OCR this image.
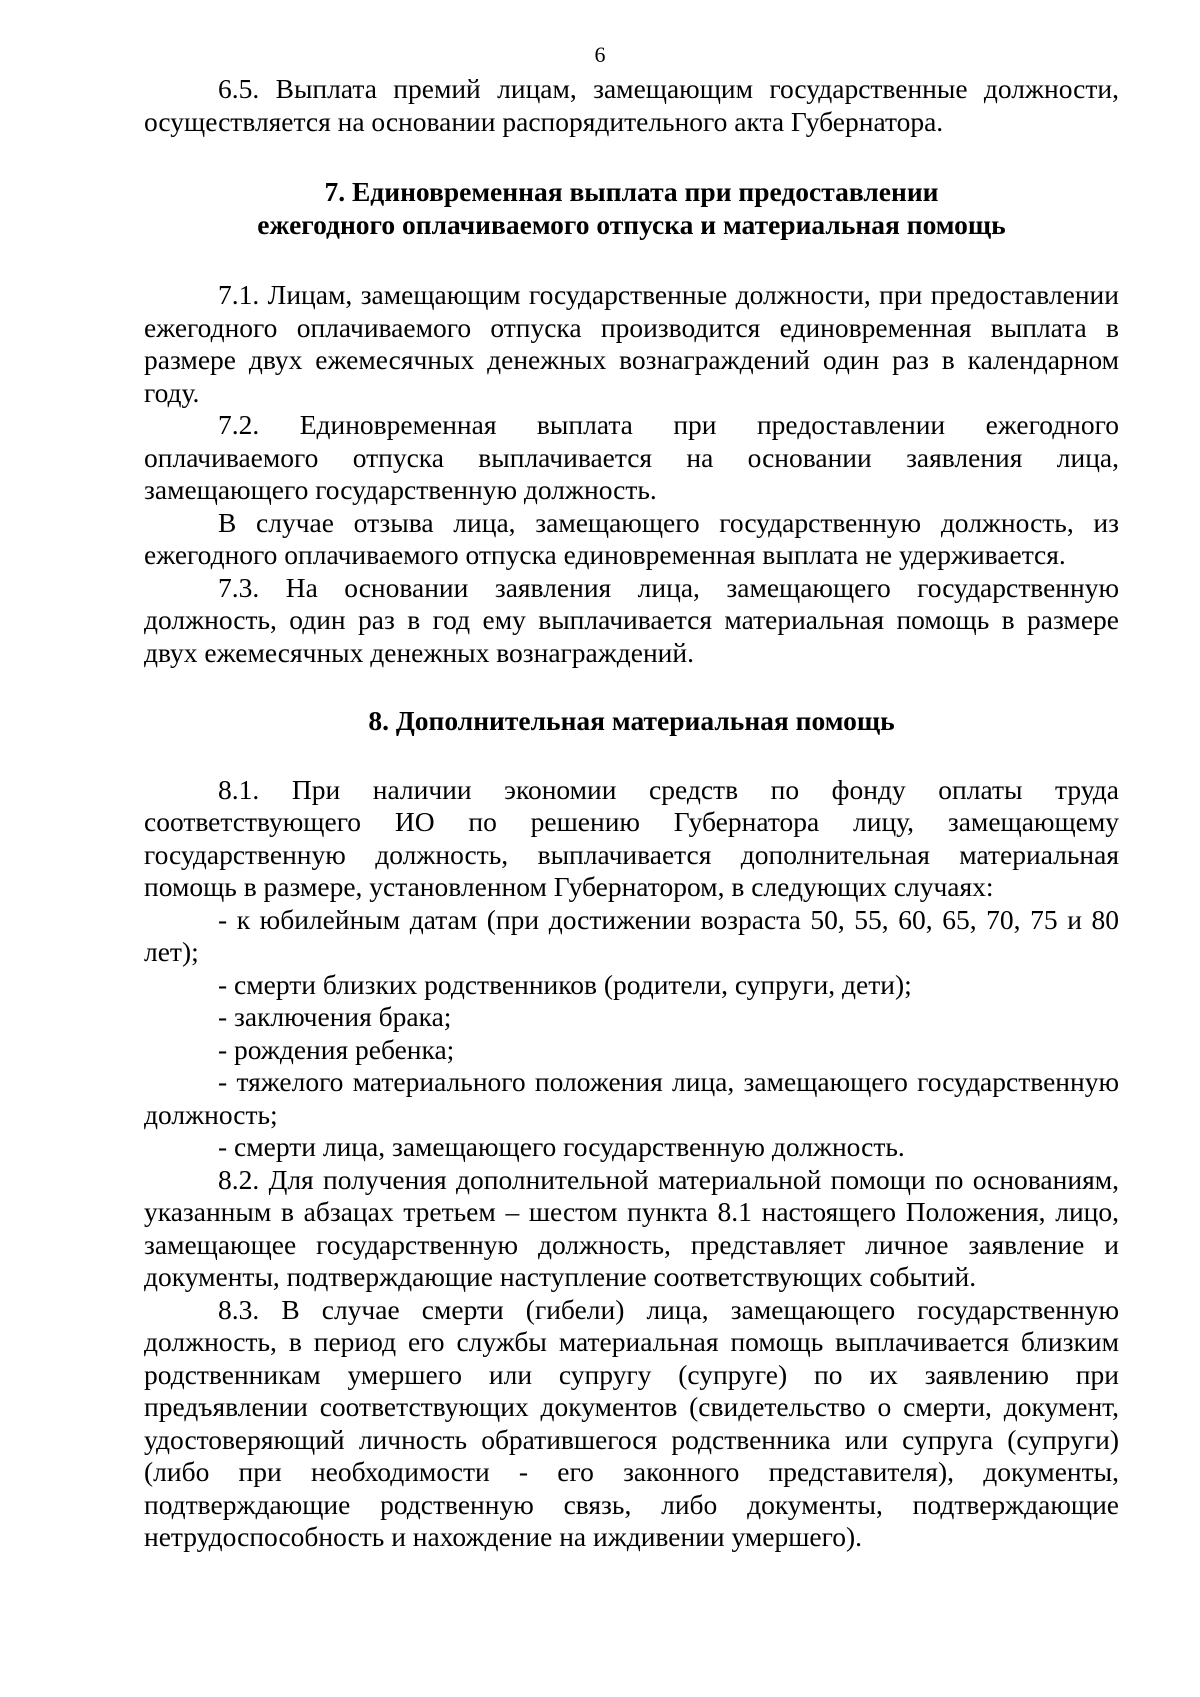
6

6.5. Выплата премий лицам, замещающим государственные должности, осуществляется на основании распорядительного акта Губернатора.

7. Единовременная выплата при предоставлении
ежегодного оплачиваемого отпуска и материальная помощь

7.1. Лицам, замещающим государственные должности, при предоставлении ежегодного оплачиваемого отпуска производится единовременная выплата в размере двух ежемесячных денежных вознаграждений один раз в календарном году.

7.2. Единовременная выплата при предоставлении ежегодного оплачиваемого отпуска выплачивается на основании заявления лица, замещающего государственную должность.

В случае отзыва лица, замещающего государственную должность, из ежегодного оплачиваемого отпуска единовременная выплата не удерживается.

7.3. На основании заявления лица, замещающего государственную должность, один раз в год ему выплачивается материальная помощь в размере двух ежемесячных денежных вознаграждений.

8. Дополнительная материальная помощь

8.1. При наличии экономии средств по фонду оплаты труда соответствующего ИО по решению Губернатора лицу, замещающему государственную должность, выплачивается дополнительная материальная помощь в размере, установленном Губернатором, в следующих случаях:

- к юбилейным датам (при достижении возраста 50, 55, 60, 65, 70, 75 и 80 лет);

- смерти близких родственников (родители, супруги, дети);

- заключения брака;

- рождения ребенка;

- тяжелого материального положения лица, замещающего государственную должность;

- смерти лица, замещающего государственную должность.

8.2. Для получения дополнительной материальной помощи по основаниям, указанным в абзацах третьем – шестом пункта 8.1 настоящего Положения, лицо, замещающее государственную должность, представляет личное заявление и документы, подтверждающие наступление соответствующих событий.

8.3. В случае смерти (гибели) лица, замещающего государственную должность, в период его службы материальная помощь выплачивается близким родственникам умершего или супругу (супруге) по их заявлению при предъявлении соответствующих документов (свидетельство о смерти, документ, удостоверяющий личность обратившегося родственника или супруга (супруги) (либо при необходимости - его законного представителя), документы, подтверждающие родственную связь, либо документы, подтверждающие нетрудоспособность и нахождение на иждивении умершего).
